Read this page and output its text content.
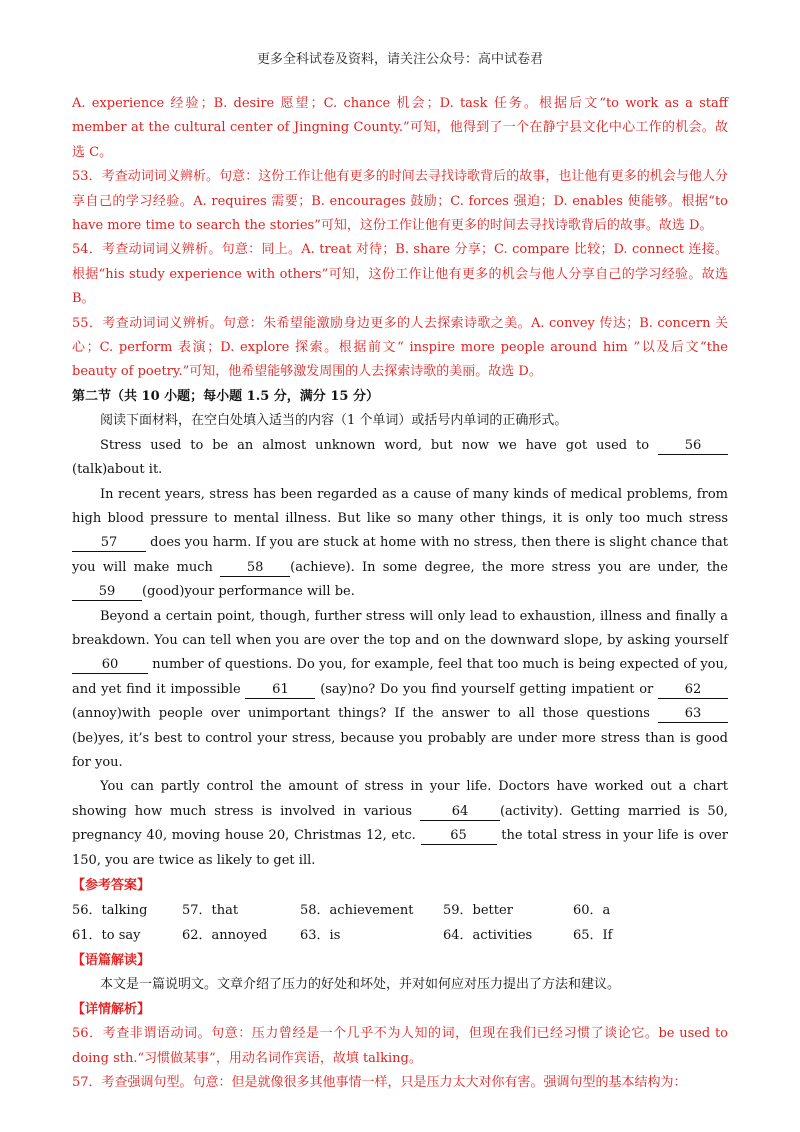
更多全科试卷及资料，请关注公众号：高中试卷君

A. experience 经验；B. desire 愿望；C. chance 机会；D. task 任务。根据后文“to work as a staff member at the cultural center of Jingning County.”可知，他得到了一个在静宁县文化中心工作的机会。故选 C。

53．考查动词词义辨析。句意：这份工作让他有更多的时间去寻找诗歌背后的故事，也让他有更多的机会与他人分享自己的学习经验。A. requires 需要；B. encourages 鼓励；C. forces 强迫；D. enables 使能够。根据“to have more time to search the stories”可知，这份工作让他有更多的时间去寻找诗歌背后的故事。故选 D。

54．考查动词词义辨析。句意：同上。A. treat 对待；B. share 分享；C. compare 比较；D. connect 连接。根据“his study experience with others”可知，这份工作让他有更多的机会与他人分享自己的学习经验。故选 B。

55．考查动词词义辨析。句意：朱希望能激励身边更多的人去探索诗歌之美。A. convey 传达；B. concern 关心；C. perform 表演；D. explore 探索。根据前文“ inspire more people around him ”以及后文“the beauty of poetry.”可知，他希望能够激发周围的人去探索诗歌的美丽。故选 D。

第二节（共 10 小题；每小题 1.5 分，满分 15 分）

阅读下面材料，在空白处填入适当的内容（1 个单词）或括号内单词的正确形式。

Stress used to be an almost unknown word, but now we have got used to 56(talk)about it.

In recent years, stress has been regarded as a cause of many kinds of medical problems, from high blood pressure to mental illness. But like so many other things, it is only too much stress 57 does you harm. If you are stuck at home with no stress, then there is slight chance that you will make much 58 (achieve). In some degree, the more stress you are under, the 59 (good)your performance will be.

Beyond a certain point, though, further stress will only lead to exhaustion, illness and finally a breakdown. You can tell when you are over the top and on the downward slope, by asking yourself 60 number of questions. Do you, for example, feel that too much is being expected of you, and yet find it impossible 61 (say)no? Do you find yourself getting impatient or 62(annoy)with people over unimportant things? If the answer to all those questions 63(be)yes, it’s best to control your stress, because you probably are under more stress than is good for you.

You can partly control the amount of stress in your life. Doctors have worked out a chart showing how much stress is involved in various 64 (activity). Getting married is 50, pregnancy 40, moving house 20, Christmas 12, etc. 65 the total stress in your life is over 150, you are twice as likely to get ill.

【参考答案】
56．talking	57．that	58．achievement	59．better	60．a
61．to say	62．annoyed	63．is	64．activities	65．If
【语篇解读】

本文是一篇说明文。文章介绍了压力的好处和坏处，并对如何应对压力提出了方法和建议。

【详情解析】

56．考查非谓语动词。句意：压力曾经是一个几乎不为人知的词，但现在我们已经习惯了谈论它。be used to doing sth.“习惯做某事”，用动名词作宾语，故填 talking。

57．考查强调句型。句意：但是就像很多其他事情一样，只是压力太大对你有害。强调句型的基本结构为：
